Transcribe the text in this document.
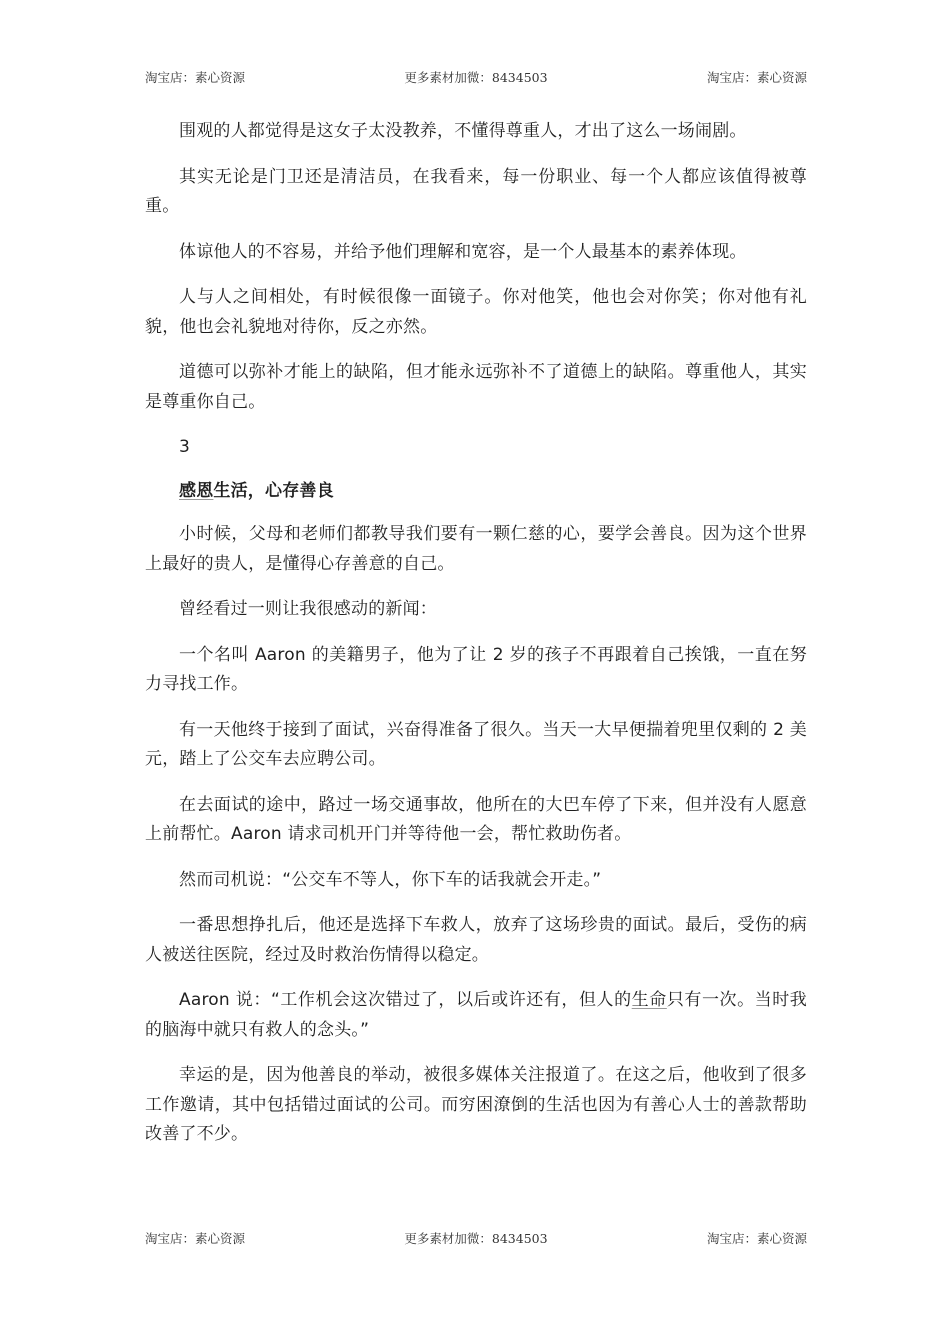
淘宝店：素心资源	更多素材加微：8434503	淘宝店：素心资源

围观的人都觉得是这女子太没教养，不懂得尊重人，才出了这么一场闹剧。

其实无论是门卫还是清洁员，在我看来，每一份职业、每一个人都应该值得被尊重。

体谅他人的不容易，并给予他们理解和宽容，是一个人最基本的素养体现。

人与人之间相处，有时候很像一面镜子。你对他笑，他也会对你笑；你对他有礼貌，他也会礼貌地对待你，反之亦然。

道德可以弥补才能上的缺陷，但才能永远弥补不了道德上的缺陷。尊重他人，其实是尊重你自己。

3

感恩生活，心存善良

小时候，父母和老师们都教导我们要有一颗仁慈的心，要学会善良。因为这个世界上最好的贵人，是懂得心存善意的自己。

曾经看过一则让我很感动的新闻：

一个名叫 Aaron 的美籍男子，他为了让 2 岁的孩子不再跟着自己挨饿，一直在努力寻找工作。

有一天他终于接到了面试，兴奋得准备了很久。当天一大早便揣着兜里仅剩的 2 美元，踏上了公交车去应聘公司。

在去面试的途中，路过一场交通事故，他所在的大巴车停了下来，但并没有人愿意上前帮忙。Aaron 请求司机开门并等待他一会，帮忙救助伤者。

然而司机说：“公交车不等人，你下车的话我就会开走。”

一番思想挣扎后，他还是选择下车救人，放弃了这场珍贵的面试。最后，受伤的病人被送往医院，经过及时救治伤情得以稳定。

Aaron 说：“工作机会这次错过了，以后或许还有，但人的生命只有一次。当时我的脑海中就只有救人的念头。”

幸运的是，因为他善良的举动，被很多媒体关注报道了。在这之后，他收到了很多工作邀请，其中包括错过面试的公司。而穷困潦倒的生活也因为有善心人士的善款帮助改善了不少。

淘宝店：素心资源	更多素材加微：8434503	淘宝店：素心资源
